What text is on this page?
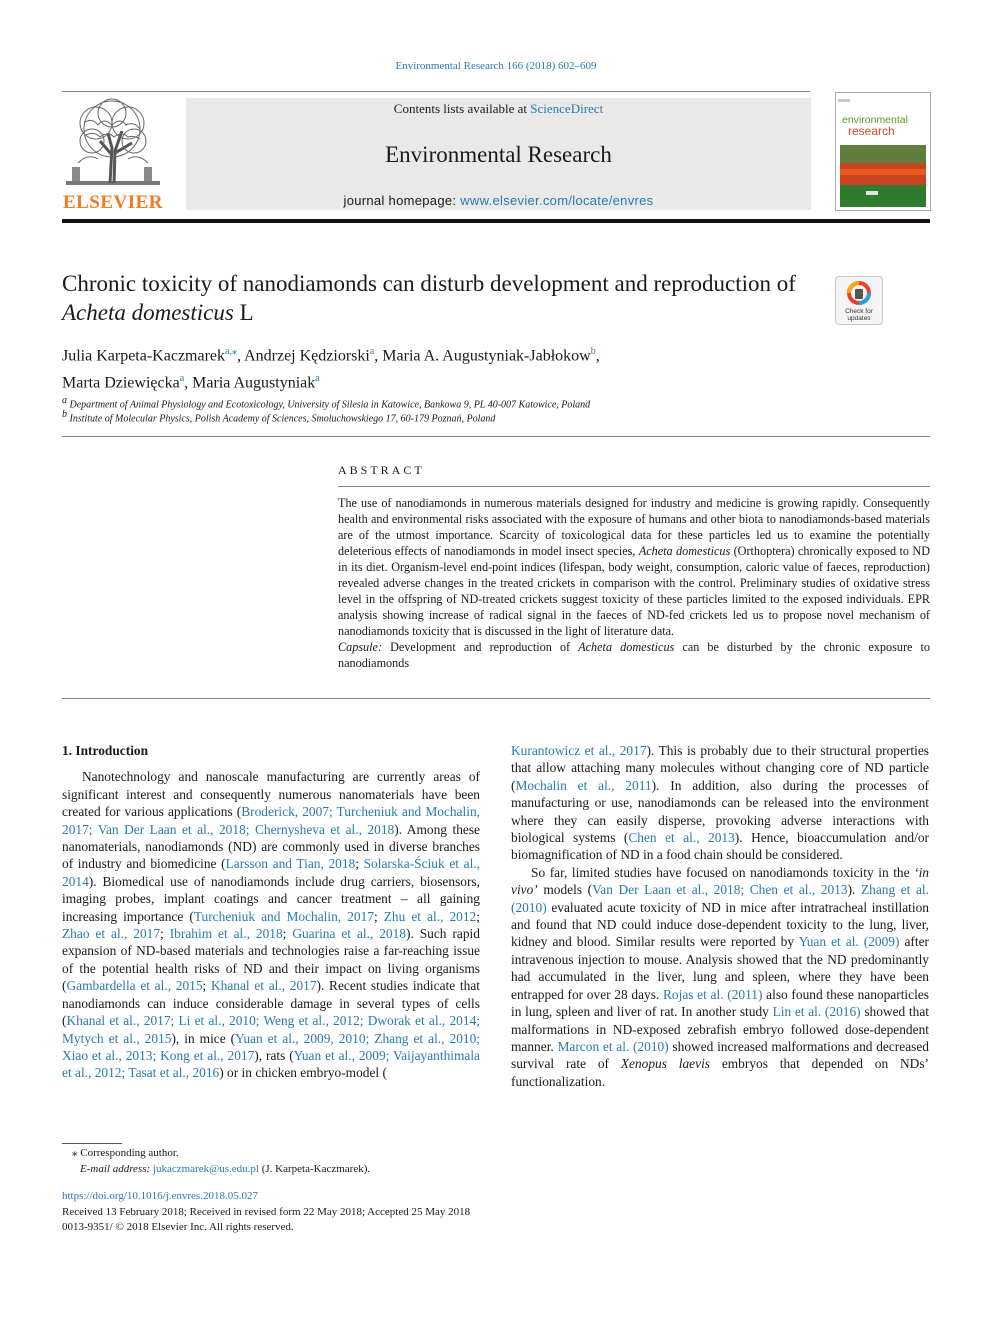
Environmental Research 166 (2018) 602–609
ELSEVIER
Contents lists available at ScienceDirect
Environmental Research
journal homepage: www.elsevier.com/locate/envres
environmental
research
Chronic toxicity of nanodiamonds can disturb development and reproduction of Acheta domesticus L	Check for
updates
Julia Karpeta-Kaczmarek$^{a,⁎}$, Andrzej Kędziorski$^a$, Maria A. Augustyniak-Jabłokow$^b$,
Marta Dziewięcka$^a$, Maria Augustyniak$^a$
$^a$ Department of Animal Physiology and Ecotoxicology, University of Silesia in Katowice, Bankowa 9, PL 40-007 Katowice, Poland
$^b$ Institute of Molecular Physics, Polish Academy of Sciences, Smoluchowskiego 17, 60-179 Poznań, Poland
ABSTRACT
The use of nanodiamonds in numerous materials designed for industry and medicine is growing rapidly. Consequently health and environmental risks associated with the exposure of humans and other biota to nanodiamonds-based materials are of the utmost importance. Scarcity of toxicological data for these particles led us to examine the potentially deleterious effects of nanodiamonds in model insect species, Acheta domesticus (Orthoptera) chronically exposed to ND in its diet. Organism-level end-point indices (lifespan, body weight, consumption, caloric value of faeces, reproduction) revealed adverse changes in the treated crickets in comparison with the control. Preliminary studies of oxidative stress level in the offspring of ND-treated crickets suggest toxicity of these particles limited to the exposed individuals. EPR analysis showing increase of radical signal in the faeces of ND-fed crickets led us to propose novel mechanism of nanodiamonds toxicity that is discussed in the light of literature data.
Capsule: Development and reproduction of Acheta domesticus can be disturbed by the chronic exposure to nanodiamonds
1. Introduction

Nanotechnology and nanoscale manufacturing are currently areas of significant interest and consequently numerous nanomaterials have been created for various applications (Broderick, 2007; Turcheniuk and Mochalin, 2017; Van Der Laan et al., 2018; Chernysheva et al., 2018). Among these nanomaterials, nanodiamonds (ND) are commonly used in diverse branches of industry and biomedicine (Larsson and Tian, 2018; Solarska-Ściuk et al., 2014). Biomedical use of nanodiamonds include drug carriers, biosensors, imaging probes, implant coatings and cancer treatment – all gaining increasing importance (Turcheniuk and Mochalin, 2017; Zhu et al., 2012; Zhao et al., 2017; Ibrahim et al., 2018; Guarina et al., 2018). Such rapid expansion of ND-based materials and technologies raise a far-reaching issue of the potential health risks of ND and their impact on living organisms (Gambardella et al., 2015; Khanal et al., 2017). Recent studies indicate that nanodiamonds can induce considerable damage in several types of cells (Khanal et al., 2017; Li et al., 2010; Weng et al., 2012; Dworak et al., 2014; Mytych et al., 2015), in mice (Yuan et al., 2009, 2010; Zhang et al., 2010; Xiao et al., 2013; Kong et al., 2017), rats (Yuan et al., 2009; Vaijayanthimala et al., 2012; Tasat et al., 2016) or in chicken embryo-model (

Kurantowicz et al., 2017). This is probably due to their structural properties that allow attaching many molecules without changing core of ND particle (Mochalin et al., 2011). In addition, also during the processes of manufacturing or use, nanodiamonds can be released into the environment where they can easily disperse, provoking adverse interactions with biological systems (Chen et al., 2013). Hence, bioaccumulation and/or biomagnification of ND in a food chain should be considered.

So far, limited studies have focused on nanodiamonds toxicity in the ‘in vivo’ models (Van Der Laan et al., 2018; Chen et al., 2013). Zhang et al. (2010) evaluated acute toxicity of ND in mice after intratracheal instillation and found that ND could induce dose-dependent toxicity to the lung, liver, kidney and blood. Similar results were reported by Yuan et al. (2009) after intravenous injection to mouse. Analysis showed that the ND predominantly had accumulated in the liver, lung and spleen, where they have been entrapped for over 28 days. Rojas et al. (2011) also found these nanoparticles in lung, spleen and liver of rat. In another study Lin et al. (2016) showed that malformations in ND-exposed zebrafish embryo followed dose-dependent manner. Marcon et al. (2010) showed increased malformations and decreased survival rate of Xenopus laevis embryos that depended on NDs’ functionalization.

⁎ Corresponding author.
E-mail address: jukaczmarek@us.edu.pl (J. Karpeta-Kaczmarek).
https://doi.org/10.1016/j.envres.2018.05.027
Received 13 February 2018; Received in revised form 22 May 2018; Accepted 25 May 2018
0013-9351/ © 2018 Elsevier Inc. All rights reserved.
